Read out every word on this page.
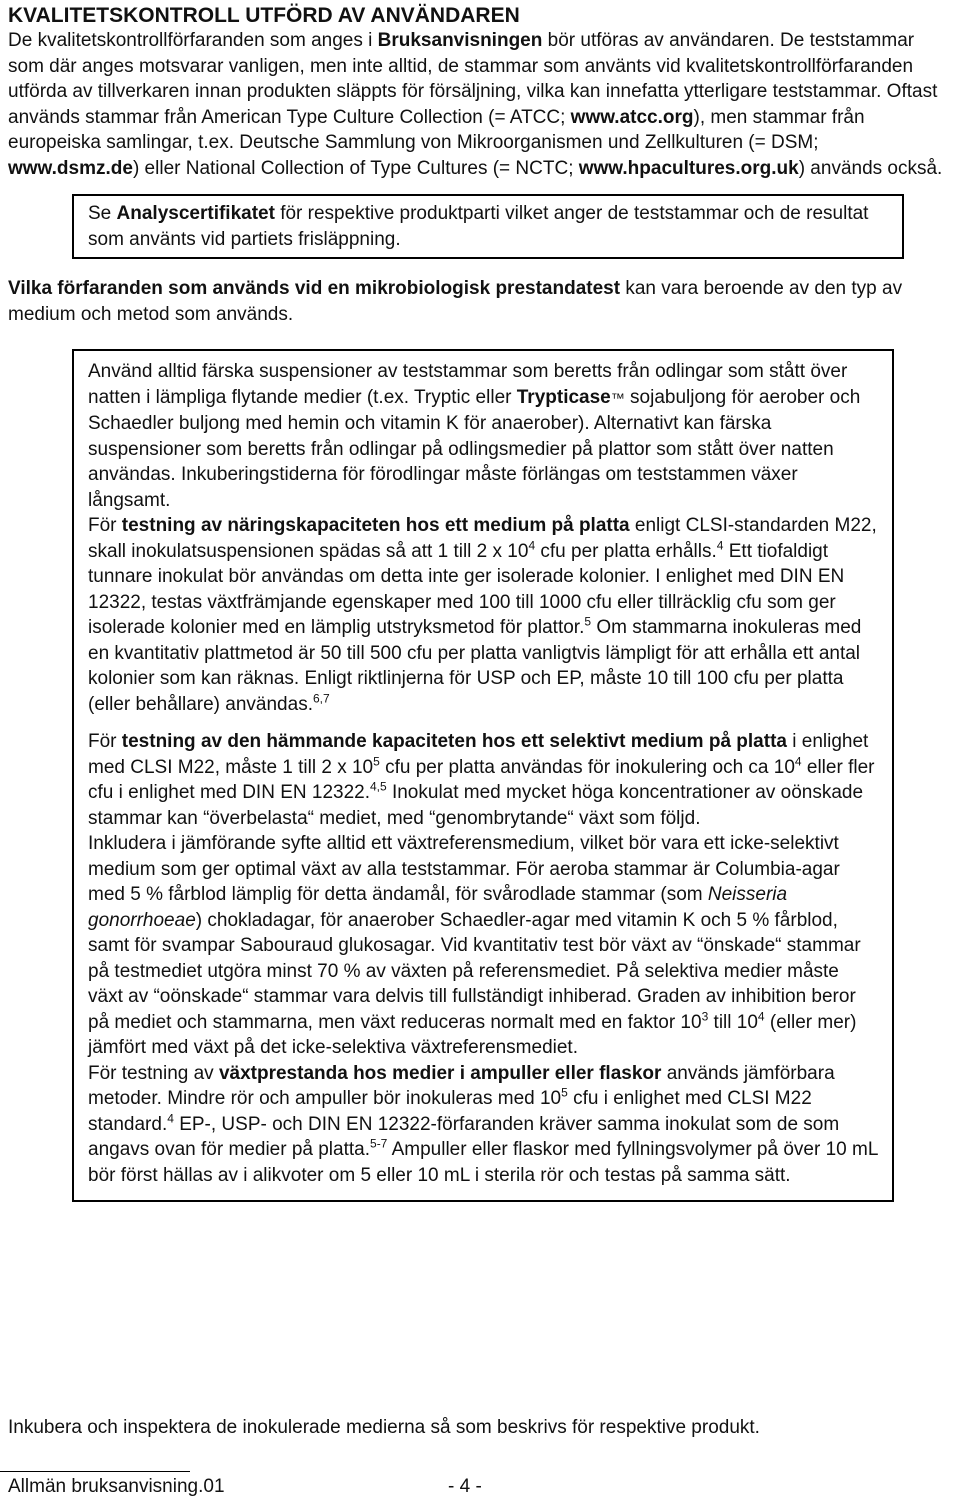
KVALITETSKONTROLL UTFÖRD AV ANVÄNDAREN

De kvalitetskontrollförfaranden som anges i Bruksanvisningen bör utföras av användaren. De teststammar som där anges motsvarar vanligen, men inte alltid, de stammar som använts vid kvalitetskontrollförfaranden utförda av tillverkaren innan produkten släppts för försäljning, vilka kan innefatta ytterligare teststammar. Oftast används stammar från American Type Culture Collection (= ATCC; www.atcc.org), men stammar från europeiska samlingar, t.ex. Deutsche Sammlung von Mikroorganismen und Zellkulturen (= DSM; www.dsmz.de) eller National Collection of Type Cultures (= NCTC; www.hpacultures.org.uk) används också.

Se Analyscertifikatet för respektive produktparti vilket anger de teststammar och de resultat som använts vid partiets frisläppning.

Vilka förfaranden som används vid en mikrobiologisk prestandatest kan vara beroende av den typ av medium och metod som används.

Använd alltid färska suspensioner av teststammar som beretts från odlingar som stått över natten i lämpliga flytande medier (t.ex. Tryptic eller Trypticase™ sojabuljong för aerober och Schaedler buljong med hemin och vitamin K för anaerober). Alternativt kan färska suspensioner som beretts från odlingar på odlingsmedier på plattor som stått över natten användas. Inkuberingstiderna för förodlingar måste förlängas om teststammen växer långsamt.

För testning av näringskapaciteten hos ett medium på platta enligt CLSI-standarden M22, skall inokulatsuspensionen spädas så att 1 till 2 x $10^4$ cfu per platta erhålls.$^4$ Ett tiofaldigt tunnare inokulat bör användas om detta inte ger isolerade kolonier. I enlighet med DIN EN 12322, testas växtfrämjande egenskaper med 100 till 1000 cfu eller tillräcklig cfu som ger isolerade kolonier med en lämplig utstryksmetod för plattor.$^5$ Om stammarna inokuleras med en kvantitativ plattmetod är 50 till 500 cfu per platta vanligtvis lämpligt för att erhålla ett antal kolonier som kan räknas. Enligt riktlinjerna för USP och EP, måste 10 till 100 cfu per platta (eller behållare) användas.$^{6,7}$

För testning av den hämmande kapaciteten hos ett selektivt medium på platta i enlighet med CLSI M22, måste 1 till 2 x $10^5$ cfu per platta användas för inokulering och ca $10^4$ eller fler cfu i enlighet med DIN EN 12322.$^{4,5}$ Inokulat med mycket höga koncentrationer av oönskade stammar kan “överbelasta“ mediet, med “genombrytande“ växt som följd.

Inkludera i jämförande syfte alltid ett växtreferensmedium, vilket bör vara ett icke-selektivt medium som ger optimal växt av alla teststammar. För aeroba stammar är Columbia-agar med 5 % fårblod lämplig för detta ändamål, för svårodlade stammar (som Neisseria gonorrhoeae) chokladagar, för anaerober Schaedler-agar med vitamin K och 5 % fårblod, samt för svampar Sabouraud glukosagar. Vid kvantitativ test bör växt av “önskade“ stammar på testmediet utgöra minst 70 % av växten på referensmediet. På selektiva medier måste växt av “oönskade“ stammar vara delvis till fullständigt inhiberad. Graden av inhibition beror på mediet och stammarna, men växt reduceras normalt med en faktor $10^3$ till $10^4$ (eller mer) jämfört med växt på det icke-selektiva växtreferensmediet.

För testning av växtprestanda hos medier i ampuller eller flaskor används jämförbara metoder. Mindre rör och ampuller bör inokuleras med $10^5$ cfu i enlighet med CLSI M22 standard.$^4$ EP-, USP- och DIN EN 12322-förfaranden kräver samma inokulat som de som angavs ovan för medier på platta.$^{5-7}$ Ampuller eller flaskor med fyllningsvolymer på över 10 mL bör först hällas av i alikvoter om 5 eller 10 mL i sterila rör och testas på samma sätt.

Inkubera och inspektera de inokulerade medierna så som beskrivs för respektive produkt.

Allmän bruksanvisning.01	- 4 -
